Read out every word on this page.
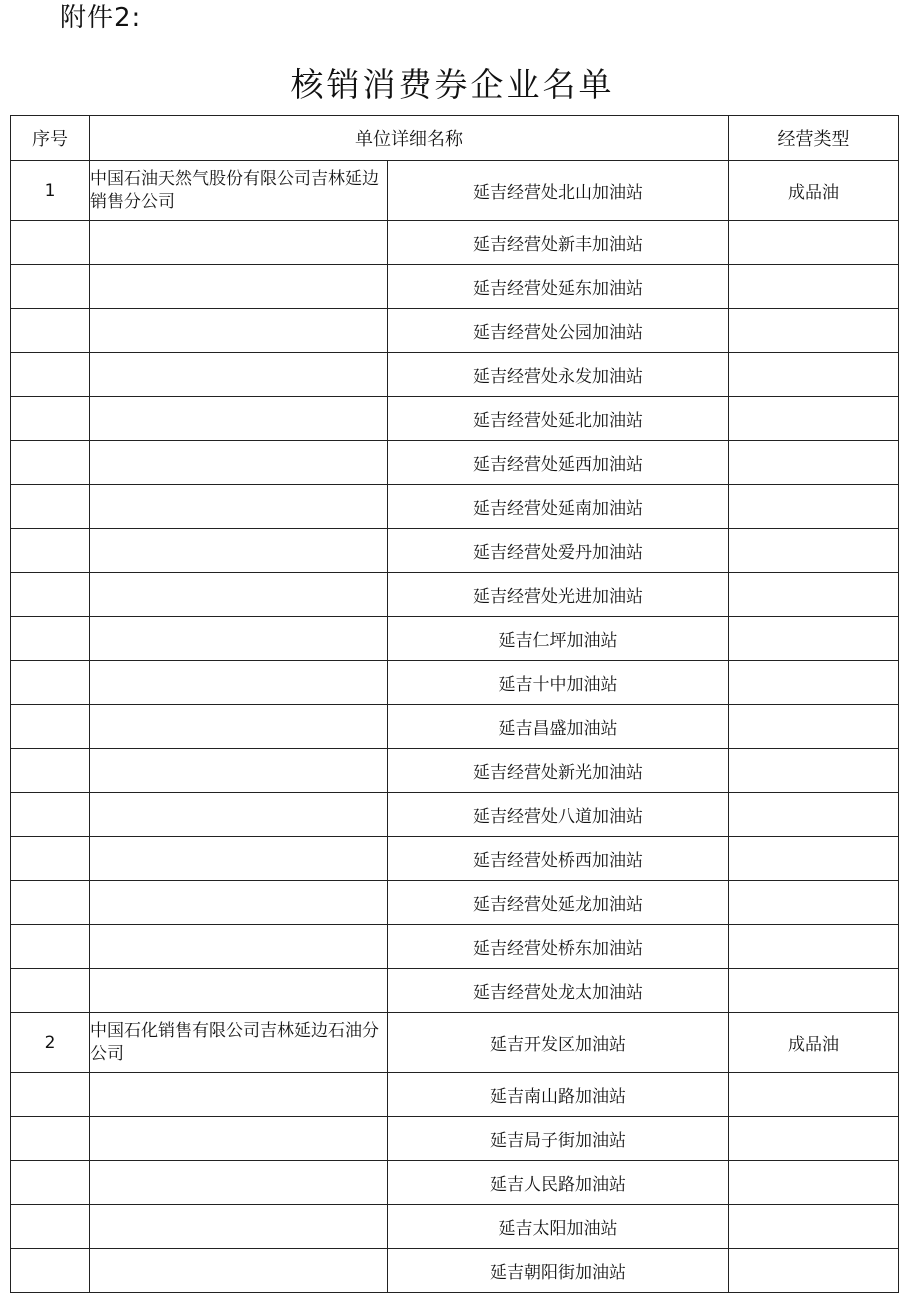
附件2:
核销消费券企业名单
序号	单位详细名称		经营类型
1	中国石油天然气股份有限公司吉林延边销售分公司	延吉经营处北山加油站	成品油
		延吉经营处新丰加油站	
		延吉经营处延东加油站	
		延吉经营处公园加油站	
		延吉经营处永发加油站	
		延吉经营处延北加油站	
		延吉经营处延西加油站	
		延吉经营处延南加油站	
		延吉经营处爱丹加油站	
		延吉经营处光进加油站	
		延吉仁坪加油站	
		延吉十中加油站	
		延吉昌盛加油站	
		延吉经营处新光加油站	
		延吉经营处八道加油站	
		延吉经营处桥西加油站	
		延吉经营处延龙加油站	
		延吉经营处桥东加油站	
		延吉经营处龙太加油站	
2	中国石化销售有限公司吉林延边石油分公司	延吉开发区加油站	成品油
		延吉南山路加油站	
		延吉局子街加油站	
		延吉人民路加油站	
		延吉太阳加油站	
		延吉朝阳街加油站	
